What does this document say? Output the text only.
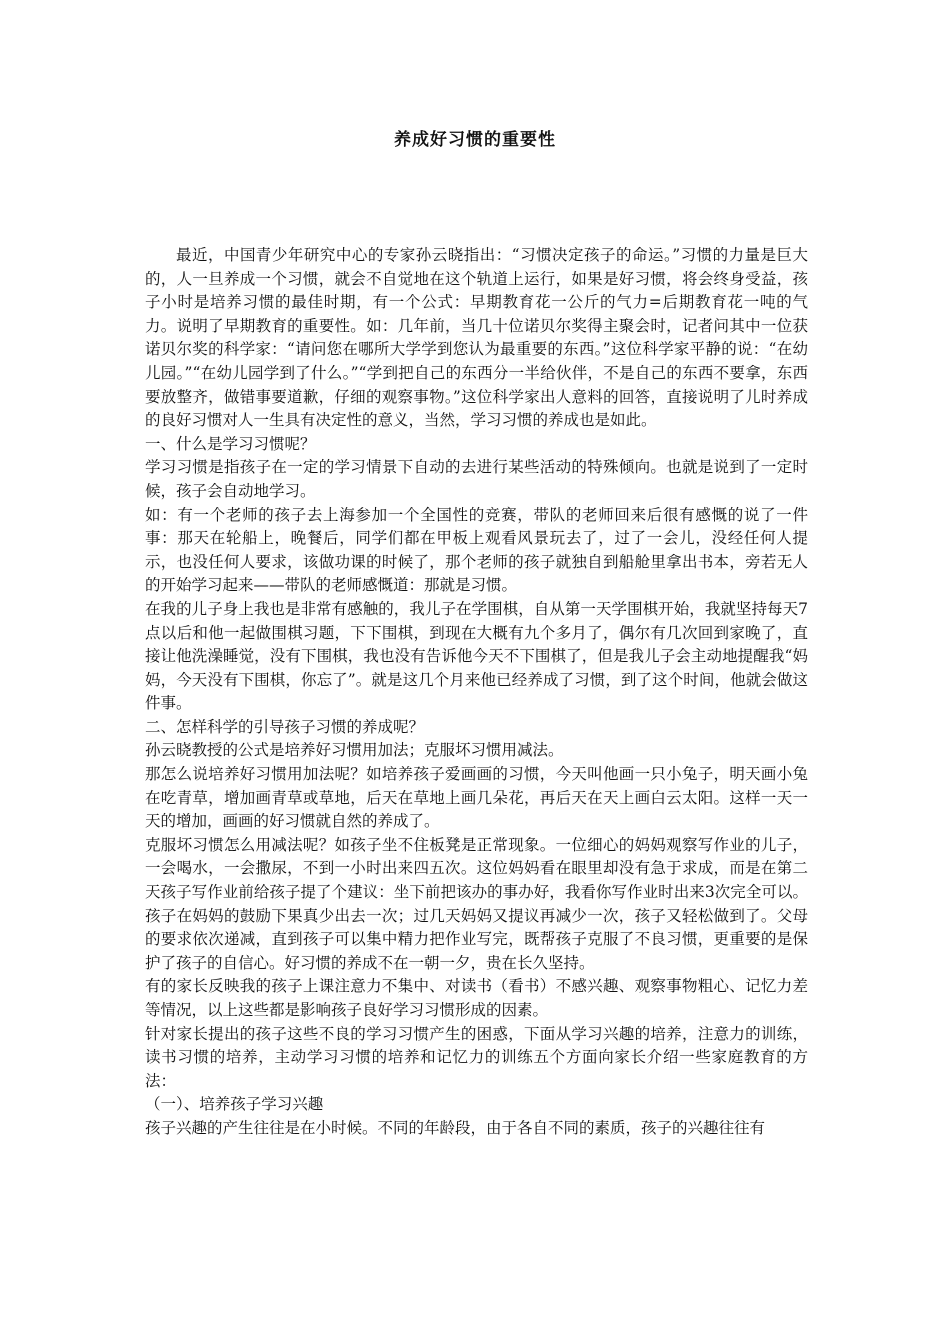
养成好习惯的重要性

最近，中国青少年研究中心的专家孙云晓指出：“习惯决定孩子的命运。”习惯的力量是巨大的，人一旦养成一个习惯，就会不自觉地在这个轨道上运行，如果是好习惯，将会终身受益，孩子小时是培养习惯的最佳时期，有一个公式：早期教育花一公斤的气力=后期教育花一吨的气力。说明了早期教育的重要性。如：几年前，当几十位诺贝尔奖得主聚会时，记者问其中一位获诺贝尔奖的科学家：“请问您在哪所大学学到您认为最重要的东西。”这位科学家平静的说：“在幼儿园。”“在幼儿园学到了什么。”“学到把自己的东西分一半给伙伴，不是自己的东西不要拿，东西要放整齐，做错事要道歉，仔细的观察事物。”这位科学家出人意料的回答，直接说明了儿时养成的良好习惯对人一生具有决定性的意义，当然，学习习惯的养成也是如此。

一、什么是学习习惯呢？

学习习惯是指孩子在一定的学习情景下自动的去进行某些活动的特殊倾向。也就是说到了一定时候，孩子会自动地学习。

如：有一个老师的孩子去上海参加一个全国性的竞赛，带队的老师回来后很有感慨的说了一件事：那天在轮船上，晚餐后，同学们都在甲板上观看风景玩去了，过了一会儿，没经任何人提示，也没任何人要求，该做功课的时候了，那个老师的孩子就独自到船舱里拿出书本，旁若无人的开始学习起来——带队的老师感慨道：那就是习惯。

在我的儿子身上我也是非常有感触的，我儿子在学围棋，自从第一天学围棋开始，我就坚持每天7点以后和他一起做围棋习题，下下围棋，到现在大概有九个多月了，偶尔有几次回到家晚了，直接让他洗澡睡觉，没有下围棋，我也没有告诉他今天不下围棋了，但是我儿子会主动地提醒我“妈妈，今天没有下围棋，你忘了”。就是这几个月来他已经养成了习惯，到了这个时间，他就会做这件事。

二、怎样科学的引导孩子习惯的养成呢？

孙云晓教授的公式是培养好习惯用加法；克服坏习惯用减法。

那怎么说培养好习惯用加法呢？如培养孩子爱画画的习惯，今天叫他画一只小兔子，明天画小兔在吃青草，增加画青草或草地，后天在草地上画几朵花，再后天在天上画白云太阳。这样一天一天的增加，画画的好习惯就自然的养成了。

克服坏习惯怎么用减法呢？如孩子坐不住板凳是正常现象。一位细心的妈妈观察写作业的儿子，一会喝水，一会撒尿，不到一小时出来四五次。这位妈妈看在眼里却没有急于求成，而是在第二天孩子写作业前给孩子提了个建议：坐下前把该办的事办好，我看你写作业时出来3次完全可以。孩子在妈妈的鼓励下果真少出去一次；过几天妈妈又提议再减少一次，孩子又轻松做到了。父母的要求依次递减，直到孩子可以集中精力把作业写完，既帮孩子克服了不良习惯，更重要的是保护了孩子的自信心。好习惯的养成不在一朝一夕，贵在长久坚持。

有的家长反映我的孩子上课注意力不集中、对读书（看书）不感兴趣、观察事物粗心、记忆力差等情况，以上这些都是影响孩子良好学习习惯形成的因素。

针对家长提出的孩子这些不良的学习习惯产生的困惑，下面从学习兴趣的培养，注意力的训练，读书习惯的培养，主动学习习惯的培养和记忆力的训练五个方面向家长介绍一些家庭教育的方法：

（一）、培养孩子学习兴趣

孩子兴趣的产生往往是在小时候。不同的年龄段，由于各自不同的素质，孩子的兴趣往往有
